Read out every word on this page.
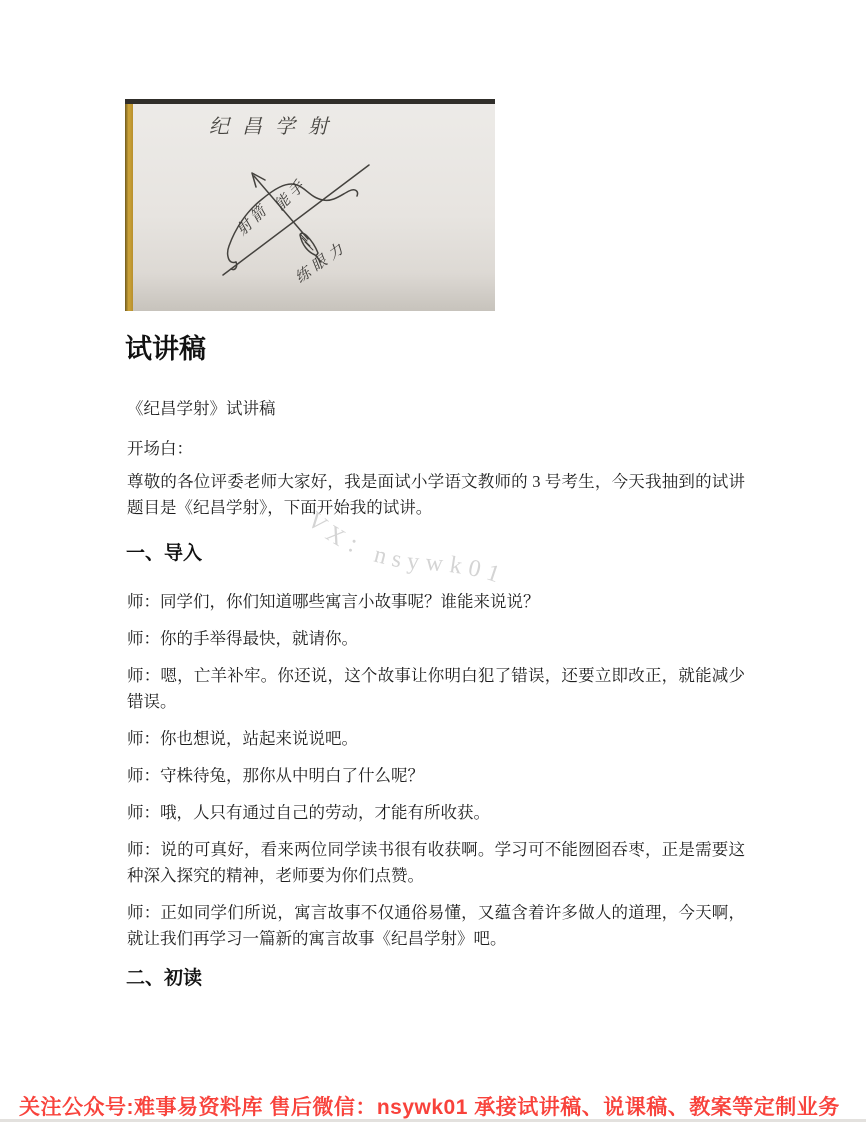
纪昌学射
射箭
能手
练眼力
试讲稿

《纪昌学射》试讲稿

开场白：

尊敬的各位评委老师大家好，我是面试小学语文教师的 3 号考生，今天我抽到的试讲题目是《纪昌学射》，下面开始我的试讲。

一、导入

师：同学们，你们知道哪些寓言小故事呢？谁能来说说？

师：你的手举得最快，就请你。

师：嗯，亡羊补牢。你还说，这个故事让你明白犯了错误，还要立即改正，就能减少错误。

师：你也想说，站起来说说吧。

师：守株待兔，那你从中明白了什么呢？

师：哦，人只有通过自己的劳动，才能有所收获。

师：说的可真好，看来两位同学读书很有收获啊。学习可不能囫囵吞枣，正是需要这种深入探究的精神，老师要为你们点赞。

师：正如同学们所说，寓言故事不仅通俗易懂，又蕴含着许多做人的道理，今天啊，就让我们再学习一篇新的寓言故事《纪昌学射》吧。

二、初读
VX：nsywk01
关注公众号:难事易资料库 售后微信：nsywk01 承接试讲稿、说课稿、教案等定制业务
